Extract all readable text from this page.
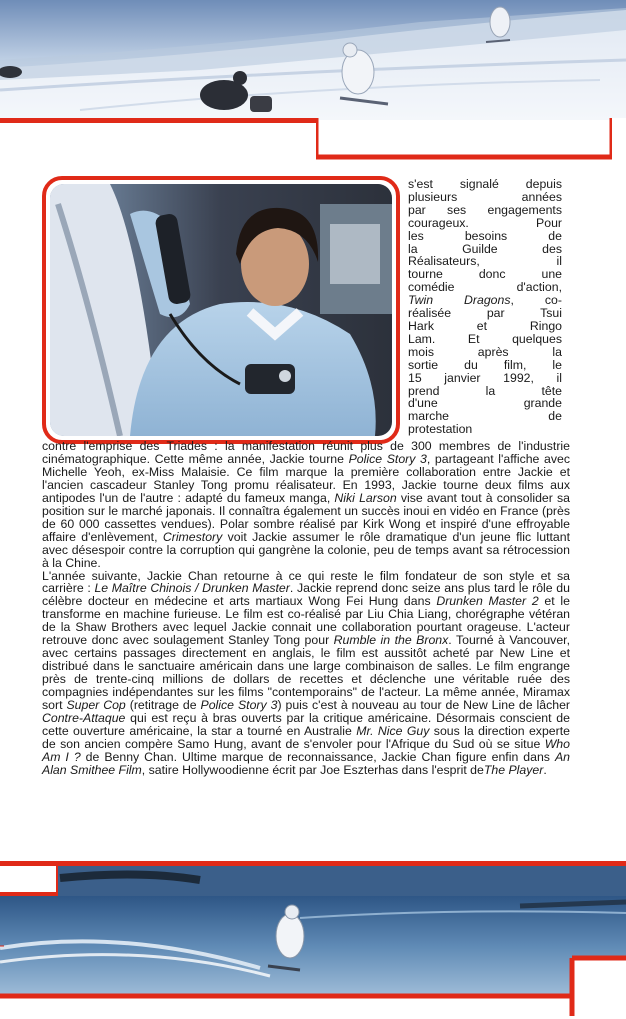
s'est signalé depuis
plusieurs années
par ses engagements
courageux. Pour
les besoins de
la Guilde des
Réalisateurs, il
tourne donc une
comédie d'action,
Twin Dragons, co-
réalisée par Tsui
Hark et Ringo
Lam. Et quelques
mois après la
sortie du film, le
15 janvier 1992, il
prend la tête
d'une grande
marche de
protestation

contre l'emprise des Triades : la manifestation réunit plus de 300 membres de l'industrie cinématographique. Cette même année, Jackie tourne Police Story 3, partageant l'affiche avec Michelle Yeoh, ex-Miss Malaisie. Ce film marque la première collaboration entre Jackie et l'ancien cascadeur Stanley Tong promu réalisateur. En 1993, Jackie tourne deux films aux antipodes l'un de l'autre : adapté du fameux manga, Niki Larson vise avant tout à consolider sa position sur le marché japonais. Il connaîtra également un succès inoui en vidéo en France (près de 60 000 cassettes vendues). Polar sombre réalisé par Kirk Wong et inspiré d'une effroyable affaire d'enlèvement, Crimestory voit Jackie assumer le rôle dramatique d'un jeune flic luttant avec désespoir contre la corruption qui gangrène la colonie, peu de temps avant sa rétrocession à la Chine.

L'année suivante, Jackie Chan retourne à ce qui reste le film fondateur de son style et sa carrière : Le Maître Chinois / Drunken Master. Jackie reprend donc seize ans plus tard le rôle du célèbre docteur en médecine et arts martiaux Wong Fei Hung dans Drunken Master 2 et le transforme en machine furieuse. Le film est co-réalisé par Liu Chia Liang, chorégraphe vétéran de la Shaw Brothers avec lequel Jackie connait une collaboration pourtant orageuse. L'acteur retrouve donc avec soulagement Stanley Tong pour Rumble in the Bronx. Tourné à Vancouver, avec certains passages directement en anglais, le film est aussitôt acheté par New Line et distribué dans le sanctuaire américain dans une large combinaison de salles. Le film engrange près de trente-cinq millions de dollars de recettes et déclenche une véritable ruée des compagnies indépendantes sur les films "contemporains" de l'acteur. La même année, Miramax sort Super Cop (retitrage de Police Story 3) puis c'est à nouveau au tour de New Line de lâcher Contre-Attaque qui est reçu à bras ouverts par la critique américaine. Désormais conscient de cette ouverture américaine, la star a tourné en Australie Mr. Nice Guy sous la direction experte de son ancien compère Samo Hung, avant de s'envoler pour l'Afrique du Sud où se situe Who Am I ? de Benny Chan. Ultime marque de reconnaissance, Jackie Chan figure enfin dans An Alan Smithee Film, satire Hollywoodienne écrit par Joe Eszterhas dans l'esprit deThe Player.
